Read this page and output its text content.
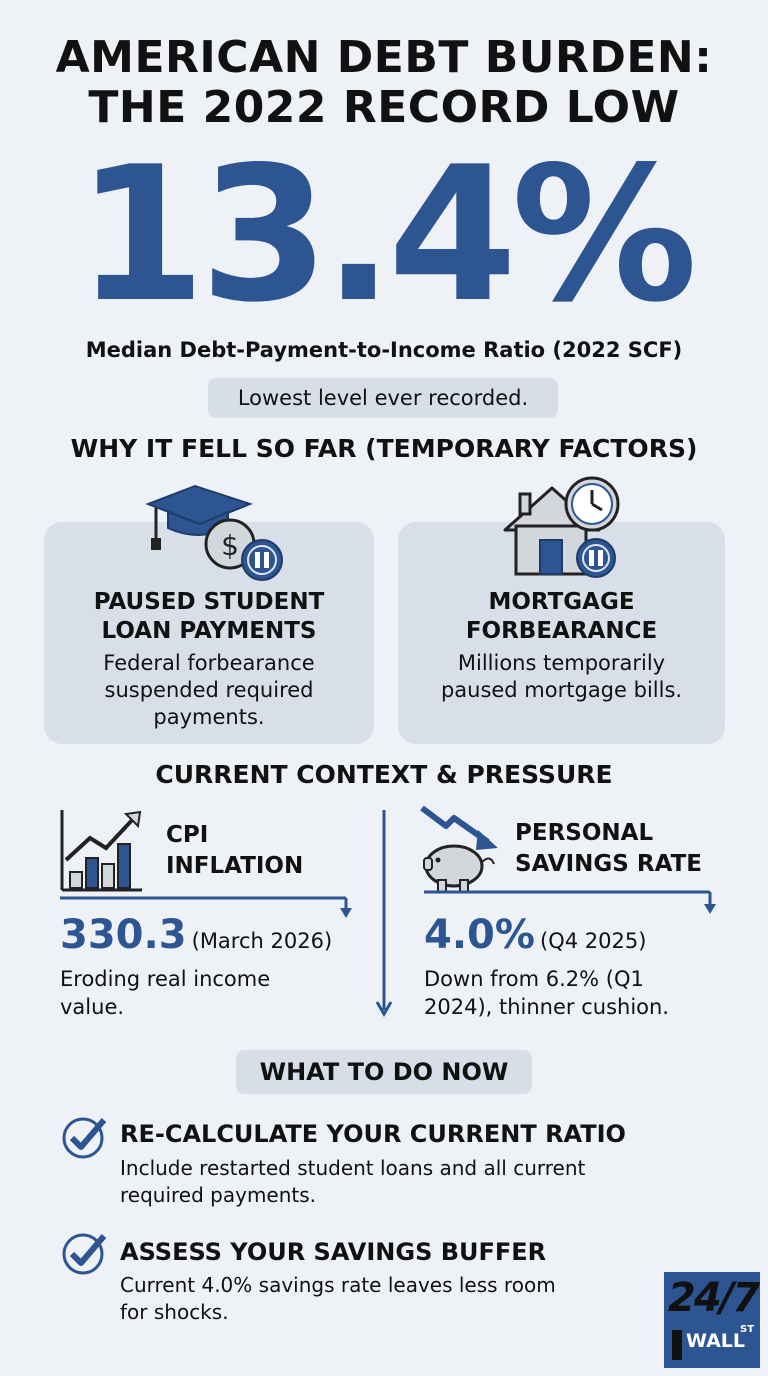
AMERICAN DEBT BURDEN:
THE 2022 RECORD LOW
13.4%
Median Debt-Payment-to-Income Ratio (2022 SCF)
Lowest level ever recorded.
WHY IT FELL SO FAR (TEMPORARY FACTORS)
PAUSED STUDENT
LOAN PAYMENTS
Federal forbearance
suspended required
payments.
$
MORTGAGE
FORBEARANCE
Millions temporarily
paused mortgage bills.
CURRENT CONTEXT & PRESSURE
CPI
INFLATION
330.3 (March 2026)
Eroding real income
value.
PERSONAL
SAVINGS RATE
4.0% (Q4 2025)
Down from 6.2% (Q1
2024), thinner cushion.
WHAT TO DO NOW
RE-CALCULATE YOUR CURRENT RATIO
Include restarted student loans and all current
required payments.
ASSESS YOUR SAVINGS BUFFER
Current 4.0% savings rate leaves less room
for shocks.	24/7
WALL
ST
